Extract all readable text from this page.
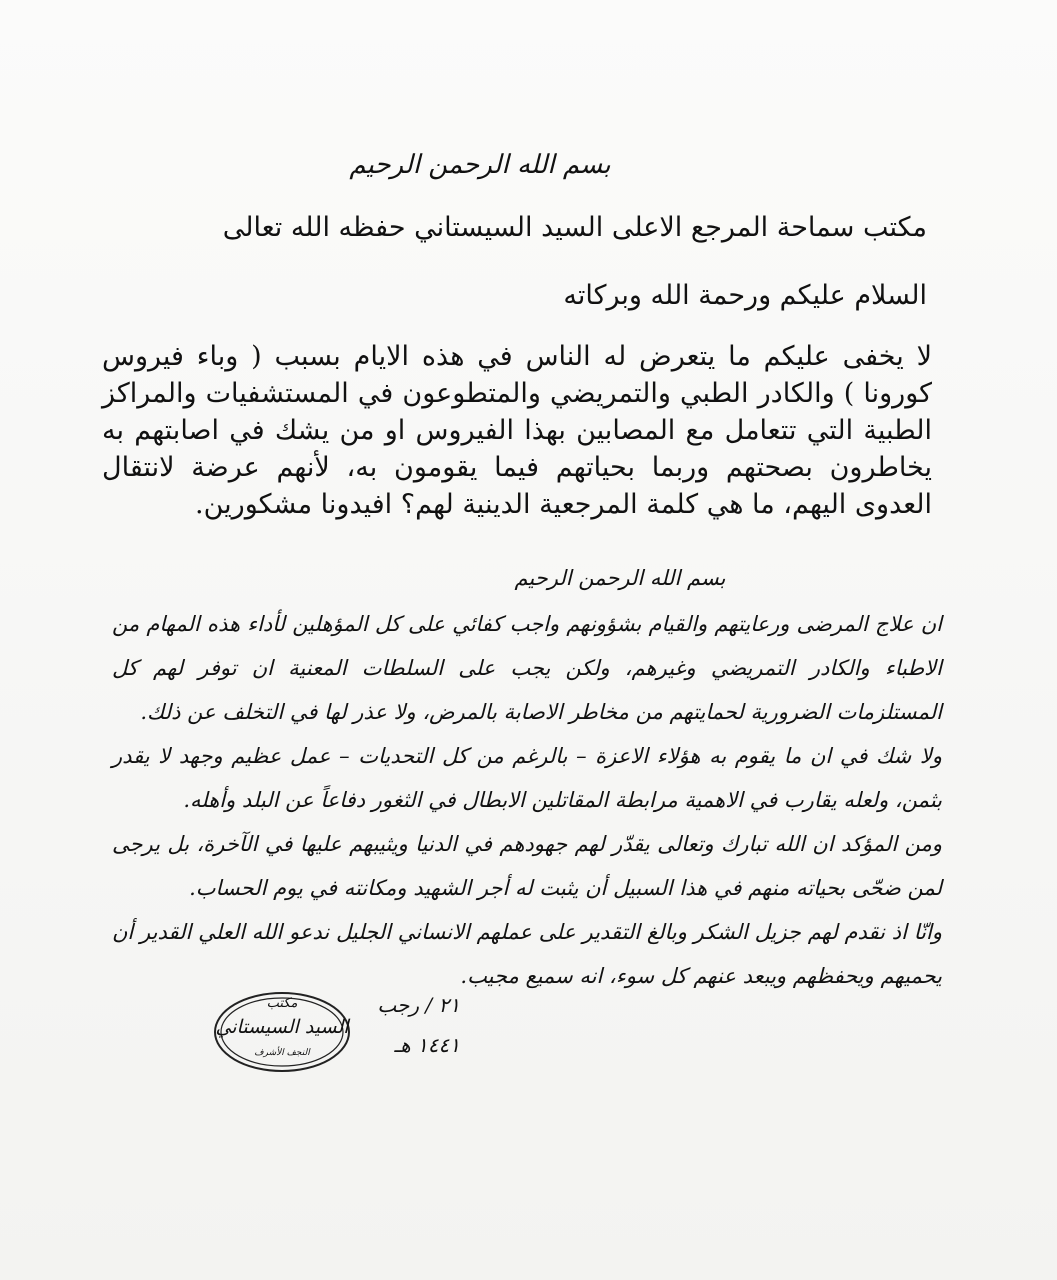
بسم الله الرحمن الرحيم
مكتب سماحة المرجع الاعلى السيد السيستاني حفظه الله تعالى
السلام عليكم ورحمة الله وبركاته
لا يخفى عليكم ما يتعرض له الناس في هذه الايام بسبب ( وباء فيروس كورونا ) والكادر الطبي والتمريضي والمتطوعون في المستشفيات والمراكز الطبية التي تتعامل مع المصابين بهذا الفيروس او من يشك في اصابتهم به يخاطرون بصحتهم وربما بحياتهم فيما يقومون به، لأنهم عرضة لانتقال العدوى اليهم، ما هي كلمة المرجعية الدينية لهم؟ افيدونا مشكورين.
بسم الله الرحمن الرحيم

ان علاج المرضى ورعايتهم والقيام بشؤونهم واجب كفائي على كل المؤهلين لأداء هذه المهام من الاطباء والكادر التمريضي وغيرهم، ولكن يجب على السلطات المعنية ان توفر لهم كل المستلزمات الضرورية لحمايتهم من مخاطر الاصابة بالمرض، ولا عذر لها في التخلف عن ذلك.

ولا شك في ان ما يقوم به هؤلاء الاعزة – بالرغم من كل التحديات – عمل عظيم وجهد لا يقدر بثمن، ولعله يقارب في الاهمية مرابطة المقاتلين الابطال في الثغور دفاعاً عن البلد وأهله.

ومن المؤكد ان الله تبارك وتعالى يقدّر لهم جهودهم في الدنيا ويثيبهم عليها في الآخرة، بل يرجى لمن ضحّى بحياته منهم في هذا السبيل أن يثبت له أجر الشهيد ومكانته في يوم الحساب.

وانّا اذ نقدم لهم جزيل الشكر وبالغ التقدير على عملهم الانساني الجليل ندعو الله العلي القدير أن يحميهم ويحفظهم ويبعد عنهم كل سوء، انه سميع مجيب.

٢١ / رجب
١٤٤١ هـ
مكتب
السيد السيستاني
النجف الأشرف
